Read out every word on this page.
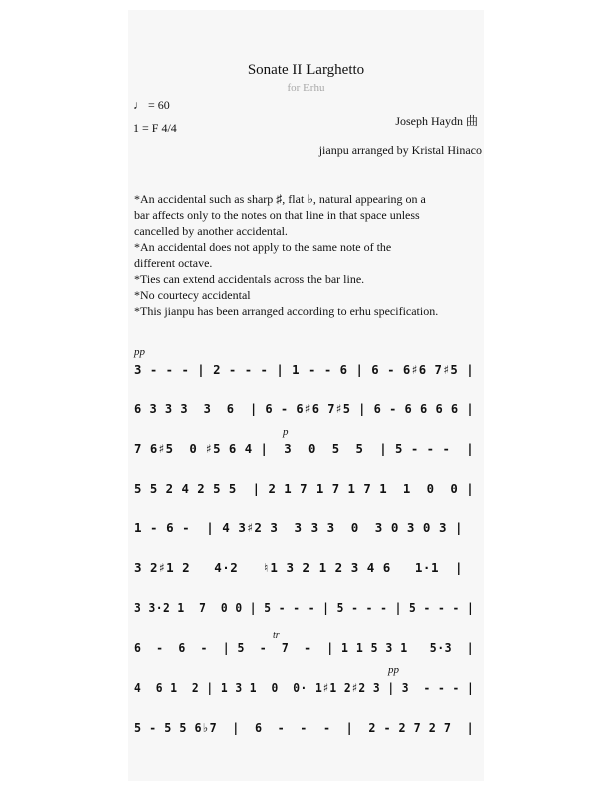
Sonate II Larghetto
for Erhu
♩ = 60
1 = F 4/4	Joseph Haydn 曲
jianpu arranged by Kristal Hinaco
*An accidental such as sharp ♯, flat ♭, natural appearing on a
bar affects only to the notes on that line in that space unless
cancelled by another accidental.
*An accidental does not apply to the same note of the
different octave.
*Ties can extend accidentals across the bar line.
*No courtecy accidental
*This jianpu has been arranged according to erhu specification.
pp
p
pp
tr
3 - - - | 2 - - - | 1 - - 6 | 6 - 6♯6 7♯5 |
6 3 3 3  3  6  | 6 - 6♯6 7♯5 | 6 - 6 6 6 6 |
7 6♯5  0 ♯5 6 4 |  3  0  5  5  | 5 - - -  |
5 5 2 4 2 5 5  | 2 1 7 1 7 1 7 1  1  0  0 |
1 - 6 -  | 4 3♯2 3  3 3 3  0  3 0 3 0 3 |
3 2♯1 2   4·2   ♮1 3 2 1 2 3 4 6   1·1  |
3 3·2 1  7  0 0 | 5 - - - | 5 - - - | 5 - - - |
6  -  6  -  | 5  -  7  -  | 1 1 5 3 1   5·3  |
4  6 1  2 | 1 3 1  0  0· 1♯1 2♯2 3 | 3  - - - |
5 - 5 5 6♭7  |  6  -  -  -  |  2 - 2 7 2 7  |
